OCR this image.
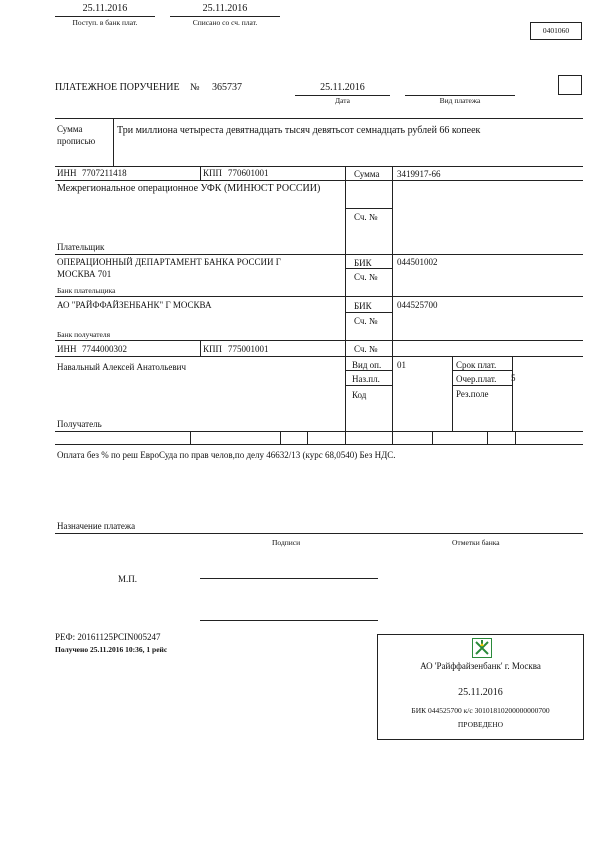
25.11.2016
Поступ. в банк плат.
25.11.2016
Списано со сч. плат.
0401060
ПЛАТЕЖНОЕ ПОРУЧЕНИЕ № 365737	25.11.2016
Дата	Вид платежа
Сумма
прописью
Три миллиона четыреста девятнадцать тысяч девятьсот семнадцать рублей 66 копеек
ИНН 7707211418	КПП 770601001	Сумма 3419917-66
Межрегиональное операционное УФК (МИНЮСТ РОССИИ)
Сч. №
Плательщик
ОПЕРАЦИОННЫЙ ДЕПАРТАМЕНТ БАНКА РОССИИ Г
МОСКВА 701
Банк плательщика
БИК	044501002
Сч. №
АО "РАЙФФАЙЗЕНБАНК" Г МОСКВА
Банк получателя
БИК	044525700
Сч. №
ИНН 7744000302	КПП 775001001	Сч. №
Навальный Алексей Анатольевич	Вид оп. 01	Срок плат.
Наз.пл.	Очер.плат. 5
Код	Рез.поле
Получатель
Оплата без % по реш ЕвроСуда по прав челов,по делу 46632/13 (курс 68,0540) Без НДС.
Назначение платежа
Подписи	Отметки банка
М.П.
РЕФ: 20161125PCIN005247
Получено 25.11.2016 10:36, 1 рейс
АО 'Райффайзенбанк' г. Москва
25.11.2016
БИК 044525700 к/с 30101810200000000700
ПРОВЕДЕНО
